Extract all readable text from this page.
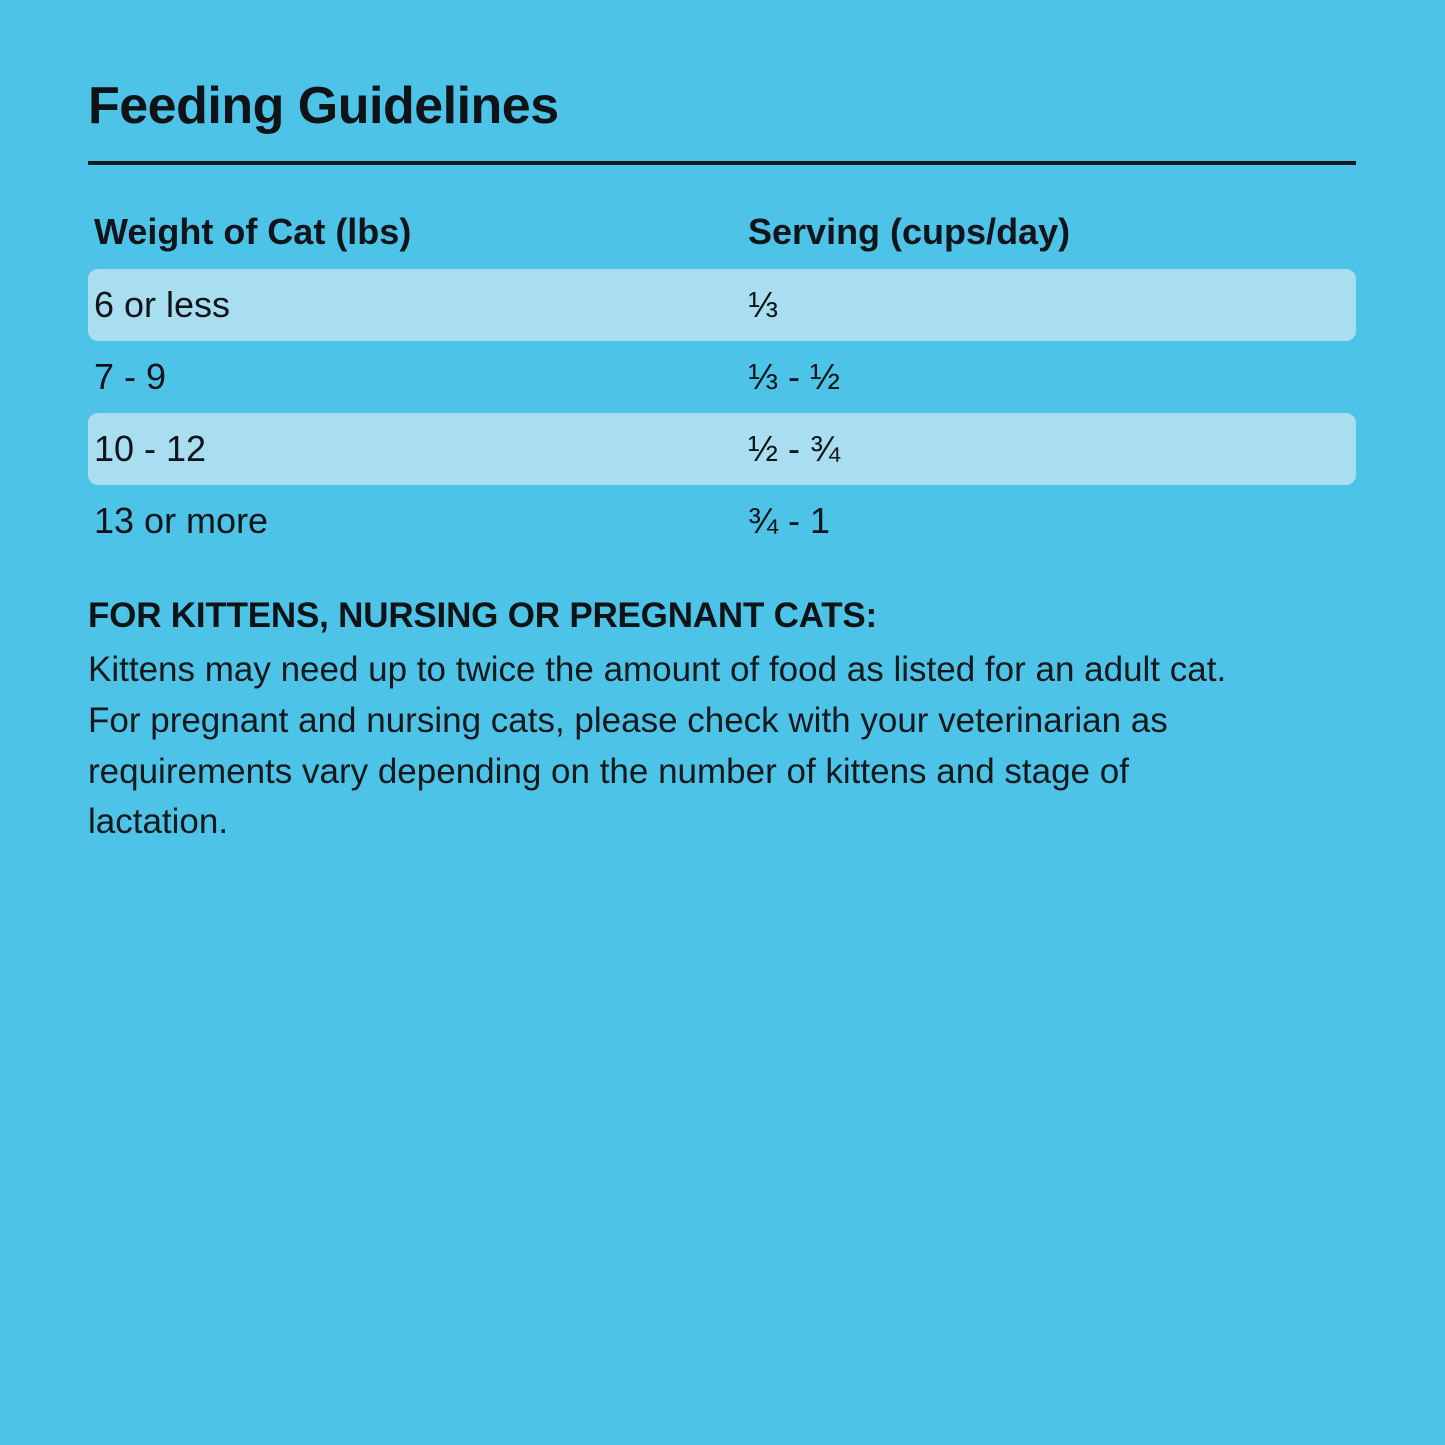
Feeding Guidelines
Weight of Cat (lbs)	Serving (cups/day)
6 or less	⅓
7 - 9	⅓ - ½
10 - 12	½ - ¾
13 or more	¾ - 1
FOR KITTENS, NURSING OR PREGNANT CATS:

Kittens may need up to twice the amount of food as listed for an adult cat. For pregnant and nursing cats, please check with your veterinarian as requirements vary depending on the number of kittens and stage of lactation.
